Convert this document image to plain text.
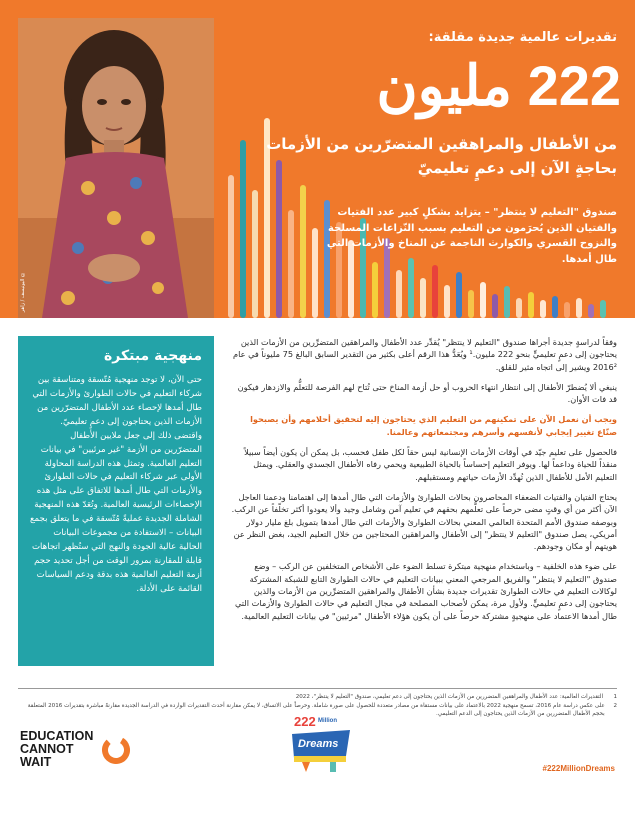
© اليونيسف / زاهر
تقديرات عالمية جديدة مقلقة:
222 مليون
من الأطفال والمراهقين المتضرّرين من الأزمات بحاجةٍ الآن إلى دعمٍ تعليميّ
صندوق "التعليم لا ينتظر" – يتزايد بشكلٍ كبير عدد الفتيات والفتيان الذين يُحرَمون من التعليم بسبب النّزاعات المسلحة والنزوح القسري والكوارث الناجمة عن المناخ والأزمات التي طال أمدها.
منهجية مبتكرة
حتى الآن، لا توجد منهجية مُتّسقة ومتناسقة بين شركاء التعليم في حالات الطوارئ والأزمات التي طال أمدها لإحصاء عدد الأطفال المتضرّرين من الأزمات الذين يحتاجون إلى دعمٍ تعليميّ. واقتضى ذلك إلى جعل ملايين الأطفال المتضرّرين من الأزمة "غير مرئيين" في بيانات التعليم العالمية. وتمثل هذه الدراسة المحاولة الأولى عبر شركاء التعليم في حالات الطوارئ والأزمات التي طال أمدها للاتفاق على مثل هذه الإحصاءات الرئيسية العالمية. وتُعَدّ هذه المنهجية الشاملة الجديدة عمليةً مُتّسقة في ما يتعلق بجمع البيانات – الاستفادة من مجموعات البيانات الحالية عالية الجودة والنهج التي ستُظهر اتجاهات قابلة للمقارنة بمرور الوقت من أجل تحديد حجم أزمة التعليم العالمية هذه بدقة ودعم السياسات القائمة على الأدلة.

وفقاً لدراسةٍ جديدة أجراها صندوق "التعليم لا ينتظر" يُقدِّر عدد الأطفال والمراهقين المتضرِّرين من الأزمات الذين يحتاجون إلى دعمٍ تعليميٍّ بنحو 222 مليون.¹ ويُعَدُّ هذا الرقم أعلى بكثير من التقدير السابق البالغ 75 مليوناً في عام 2016² ويشير إلى اتجاه مثير للقلق.

ينبغي ألا يُضطرّ الأطفال إلى انتظار انتهاء الحروب أو حل أزمة المناخ حتى تُتاح لهم الفرصة للتعلُّم والازدهار فيكون قد فات الأوان.

ويجب أن نعمل الآن على تمكينهم من التعليم الذي يحتاجون إليه لتحقيق أحلامهم وأن يصبحوا صنّاع تغيير إيجابي لأنفسهم وأسرهم ومجتمعاتهم وعالمنا.

فالحصول على تعليم جيّد في أوقات الأزمات الإنسانية ليس حقاً لكل طفل فحسب، بل يمكن أن يكون أيضاً سبيلاً منقذاً للحياة وداعماً لها. ويوفر التعليم إحساساً بالحياة الطبيعية ويحمي رفاه الأطفال الجسدي والعقلي. ويمثل التعليم الأمل للأطفال الذين تُهدِّد الأزمات حياتهم ومستقبلهم.

يحتاج الفتيان والفتيات الضعفاء المحاصرون بحالات الطوارئ والأزمات التي طال أمدها إلى اهتمامنا ودعمنا العاجل الآن أكثر من أي وقتٍ مضى حرصاً على تعلُّمهم بحقهم في تعليم آمن وشامل وجيد وألا يعودوا أكثر تخلّفاً عن الركب. وبوصفه صندوق الأمم المتحدة العالمي المعني بحالات الطوارئ والأزمات التي طال أمدها بتمويل بلغ مليار دولار أمريكي، يصل صندوق "التعليم لا ينتظر" إلى الأطفال والمراهقين المحتاجين من خلال التعليم الجيد، بغض النظر عن هويتهم أو مكان وجودهم.

على ضوء هذه الخلفية – وباستخدام منهجية مبتكرة تسلط الضوء على الأشخاص المتخلفين عن الركب – وضع صندوق "التعليم لا ينتظر" والفريق المرجعي المعني ببيانات التعليم في حالات الطوارئ التابع للشبكة المشتركة لوكالات التعليم في حالات الطوارئ تقديرات جديدة بشأن الأطفال والمراهقين المتضرِّرين من الأزمات والذين يحتاجون إلى دعمٍ تعليميٍّ. ولأول مرة، يمكن لأصحاب المصلحة في مجال التعليم في حالات الطوارئ والأزمات التي طال أمدها الاعتماد على منهجيةٍ مشتركة حرصاً على أن يكون هؤلاء الأطفال "مرئيين" في بيانات التعليم العالمية.

1
التقديرات العالمية: عدد الأطفال والمراهقين المتضررين من الأزمات الذين يحتاجون إلى دعم تعليمي، صندوق "التعليم لا ينتظر"، 2022
2
على عكس دراسة عام 2016، تسمح منهجية 2022 بالاعتماد على بيانات مستقاة من مصادر متعددة للحصول على صورة شاملة. وحرصاً على الاتساق، لا يمكن مقارنة أحدث التقديرات الواردة في الدراسة الجديدة مقارنةً مباشرة بتقديرات 2016 المتعلقة بحجم الأطفال المتضررين من الأزمات الذين يحتاجون إلى الدعم التعليمي.
EDUCATION
CANNOT
WAIT
222 Million
Dreams
#222MillionDreams
